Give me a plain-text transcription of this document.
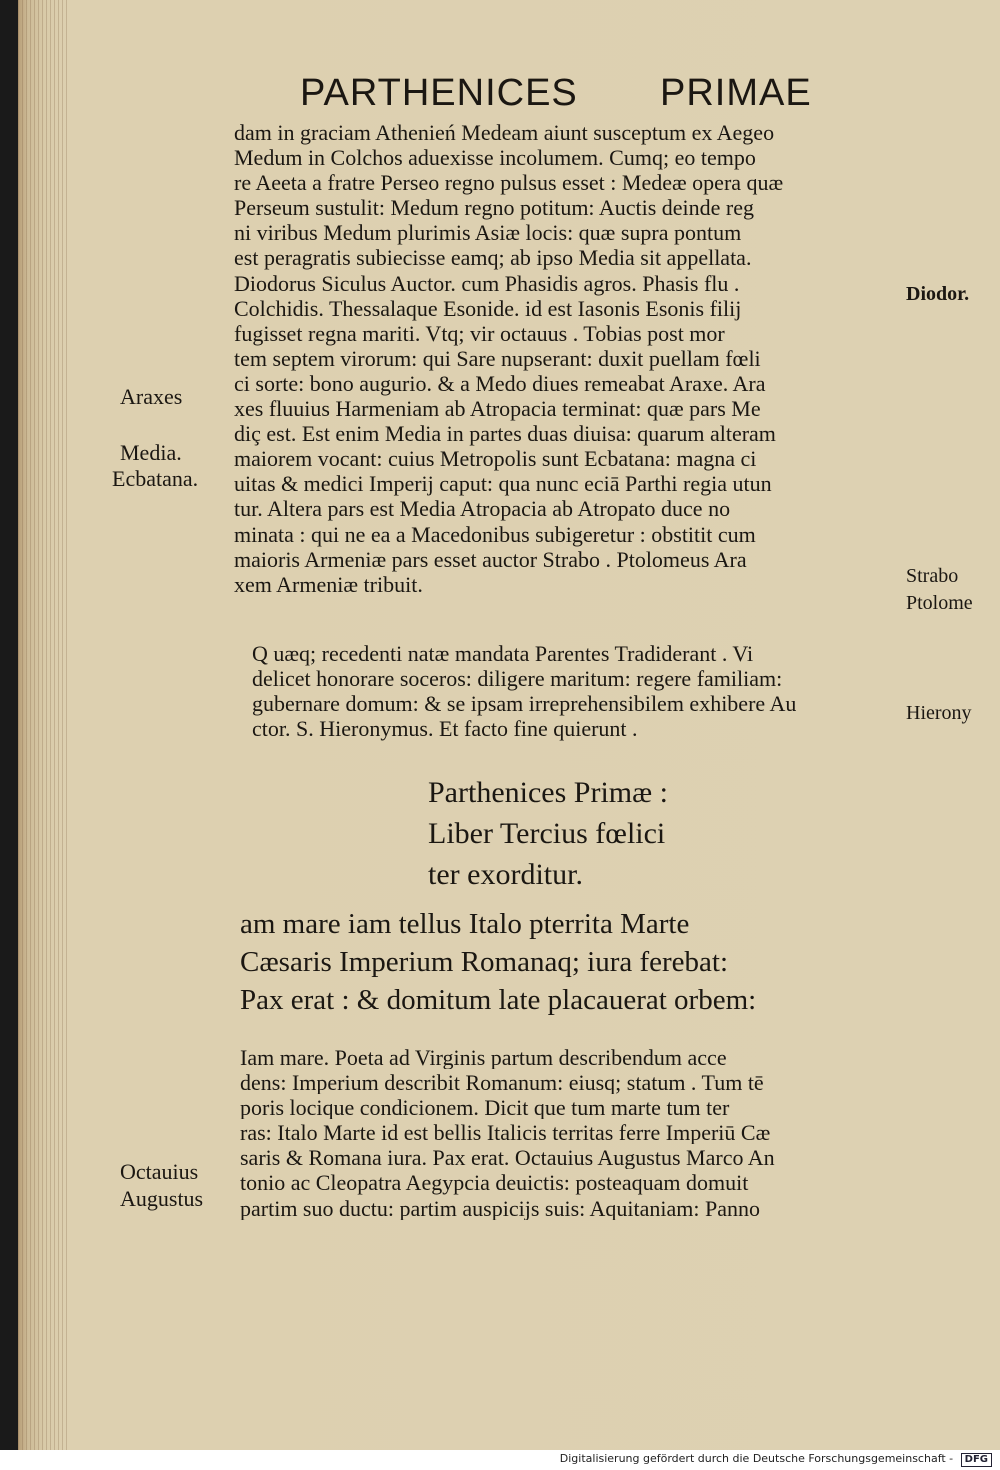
PARTHENICES PRIMAE
dam in graciam Athenień Medeam aiunt susceptum ex Aegeo
Medum in Colchos aduexisse incolumem. Cumq; eo tempo
re Aeeta a fratre Perseo regno pulsus esset : Medeæ opera quæ
Perseum sustulit: Medum regno potitum: Auctis deinde reg
ni viribus Medum plurimis Asiæ locis: quæ supra pontum
est peragratis subiecisse eamq; ab ipso Media sit appellata.
Diodorus Siculus Auctor. cum Phasidis agros. Phasis flu .
Colchidis. Thessalaque Esonide. id est Iasonis Esonis filij
fugisset regna mariti. Vtq; vir octauus . Tobias post mor
tem septem virorum: qui Sare nupserant: duxit puellam fœli
ci sorte: bono augurio. & a Medo diues remeabat Araxe. Ara
xes fluuius Harmeniam ab Atropacia terminat: quæ pars Me
diç est. Est enim Media in partes duas diuisa: quarum alteram
maiorem vocant: cuius Metropolis sunt Ecbatana: magna ci
uitas & medici Imperij caput: qua nunc eciā Parthi regia utun
tur. Altera pars est Media Atropacia ab Atropato duce no
minata : qui ne ea a Macedonibus subigeretur : obstitit cum
maioris Armeniæ pars esset auctor Strabo . Ptolomeus Ara
xem Armeniæ tribuit.
Q uæq; recedenti natæ mandata Parentes Tradiderant . Vi
delicet honorare soceros: diligere maritum: regere familiam:
gubernare domum: & se ipsam irreprehensibilem exhibere Au
ctor. S. Hieronymus. Et facto fine quierunt .
Parthenices Primæ :
Liber Tercius fœlici
ter exorditur.
am mare iam tellus Italo pterrita Marte
Cæsaris Imperium Romanaq; iura ferebat:
Pax erat : & domitum late placauerat orbem:
Iam mare. Poeta ad Virginis partum describendum acce
dens: Imperium describit Romanum: eiusq; statum . Tum tē
poris locique condicionem. Dicit que tum marte tum ter
ras: Italo Marte id est bellis Italicis territas ferre Imperiū Cæ
saris & Romana iura. Pax erat. Octauius Augustus Marco An
tonio ac Cleopatra Aegypcia deuictis: posteaquam domuit
partim suo ductu: partim auspicijs suis: Aquitaniam: Panno
Araxes
Media.
Ecbatana.
Octauius
Augustus
Diodor.
Strabo
Ptolome
Hierony
Digitalisierung gefördert durch die Deutsche Forschungsgemeinschaft - DFG
